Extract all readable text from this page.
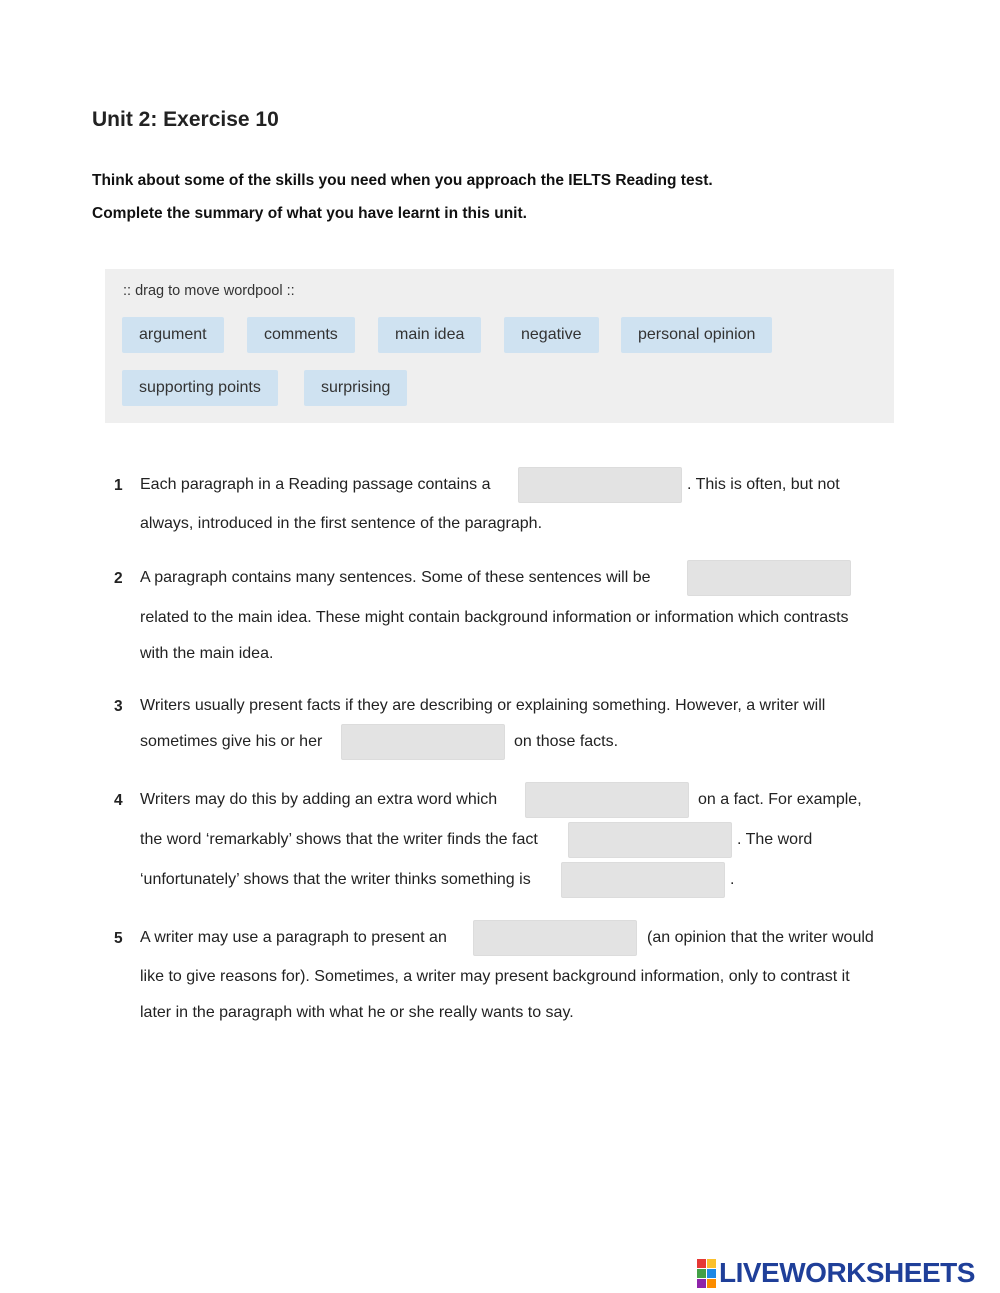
Unit 2: Exercise 10
Think about some of the skills you need when you approach the IELTS Reading test.
Complete the summary of what you have learnt in this unit.
:: drag to move wordpool ::
argument	comments	main idea	negative	personal opinion
supporting points	surprising
1 Each paragraph in a Reading passage contains a	. This is often, but not
always, introduced in the first sentence of the paragraph.
2 A paragraph contains many sentences. Some of these sentences will be
related to the main idea. These might contain background information or information which contrasts
with the main idea.
3 Writers usually present facts if they are describing or explaining something. However, a writer will
sometimes give his or her	on those facts.
4 Writers may do this by adding an extra word which	on a fact. For example,
the word ‘remarkably’ shows that the writer finds the fact	. The word
‘unfortunately’ shows that the writer thinks something is	.
5 A writer may use a paragraph to present an	(an opinion that the writer would
like to give reasons for). Sometimes, a writer may present background information, only to contrast it
later in the paragraph with what he or she really wants to say.
LIVEWORKSHEETS
